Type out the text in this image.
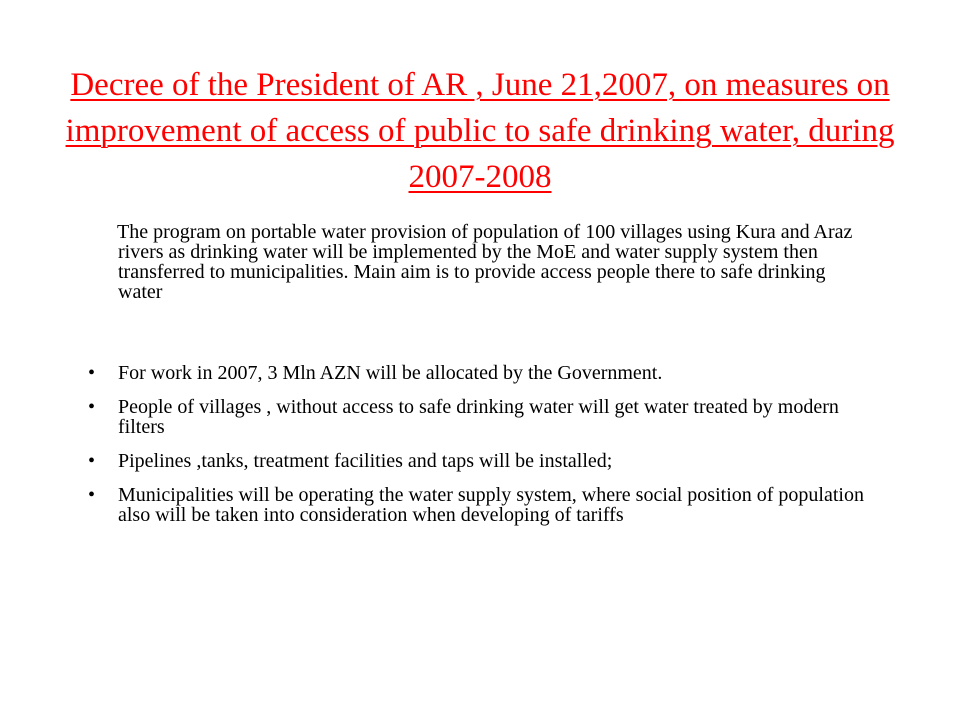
Decree of the President of AR , June 21,2007, on measures on improvement of access of public to safe drinking water, during 2007-2008

The program on portable water provision of population of 100 villages using Kura and Araz rivers as drinking water will be implemented by the MoE and water supply system then transferred to municipalities. Main aim is to provide access people there to safe drinking water

• For work in 2007, 3 Mln AZN will be allocated by the Government.
• People of villages , without access to safe drinking water will get water treated by modern filters
• Pipelines ,tanks, treatment facilities and taps will be installed;
• Municipalities will be operating the water supply system, where social position of population also will be taken into consideration when developing of tariffs
